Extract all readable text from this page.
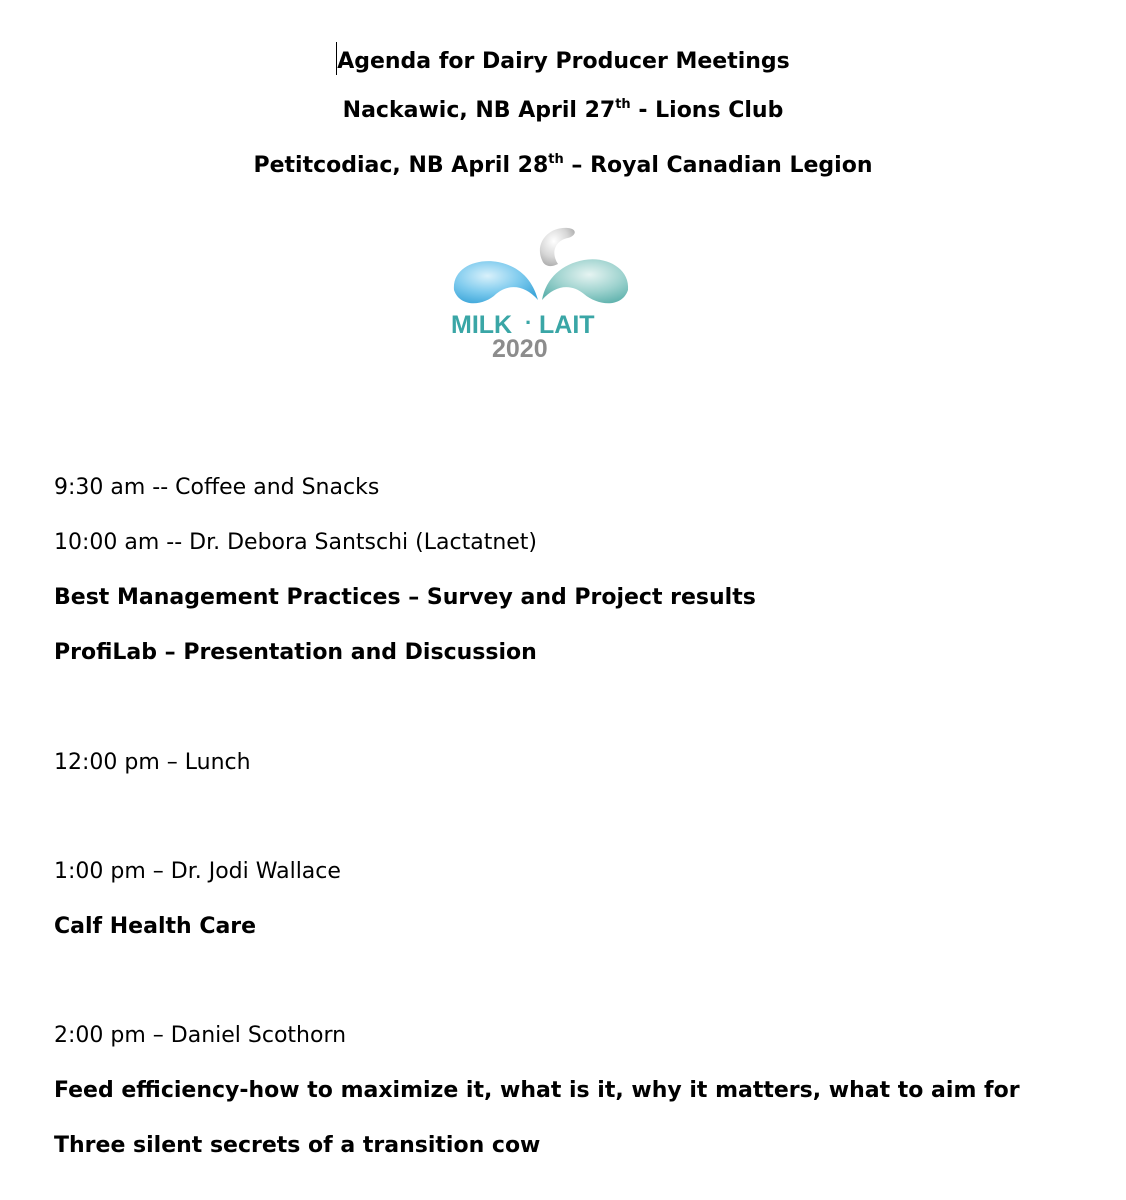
Agenda for Dairy Producer Meetings
Nackawic, NB April 27th - Lions Club
Petitcodiac, NB April 28th – Royal Canadian Legion
MILK · LAIT
2020
9:30 am -- Coffee and Snacks
10:00 am -- Dr. Debora Santschi (Lactatnet)
Best Management Practices – Survey and Project results
ProfiLab – Presentation and Discussion
12:00 pm – Lunch
1:00 pm – Dr. Jodi Wallace
Calf Health Care
2:00 pm – Daniel Scothorn
Feed efficiency-how to maximize it, what is it, why it matters, what to aim for
Three silent secrets of a transition cow
